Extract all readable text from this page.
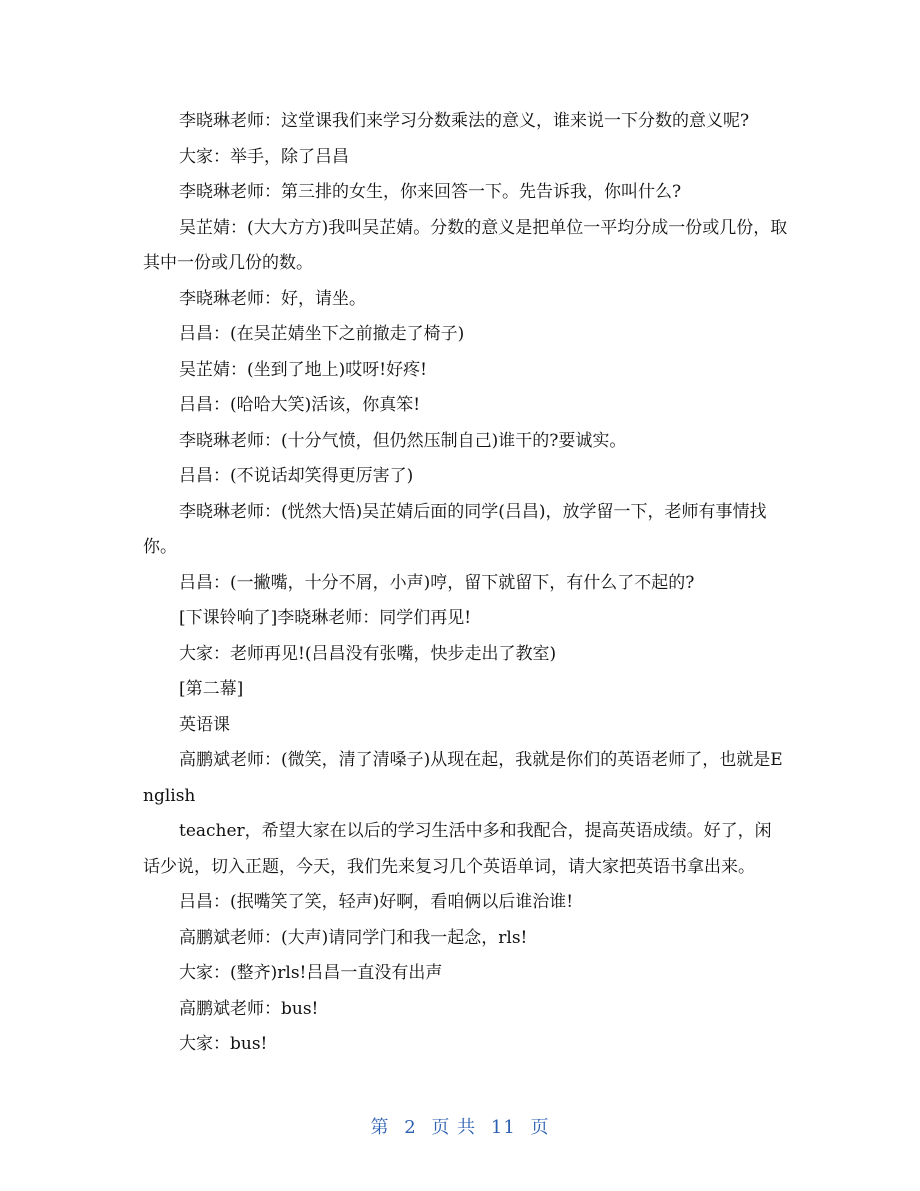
李晓琳老师：这堂课我们来学习分数乘法的意义，谁来说一下分数的意义呢?

大家：举手，除了吕昌

李晓琳老师：第三排的女生，你来回答一下。先告诉我，你叫什么?

吴芷婧：(大大方方)我叫吴芷婧。分数的意义是把单位一平均分成一份或几份，取其中一份或几份的数。

李晓琳老师：好，请坐。

吕昌：(在吴芷婧坐下之前撤走了椅子)

吴芷婧：(坐到了地上)哎呀!好疼!

吕昌：(哈哈大笑)活该，你真笨!

李晓琳老师：(十分气愤，但仍然压制自己)谁干的?要诚实。

吕昌：(不说话却笑得更厉害了)

李晓琳老师：(恍然大悟)吴芷婧后面的同学(吕昌)，放学留一下，老师有事情找你。

吕昌：(一撇嘴，十分不屑，小声)哼，留下就留下，有什么了不起的?

[下课铃响了]李晓琳老师：同学们再见!

大家：老师再见!(吕昌没有张嘴，快步走出了教室)

[第二幕]

英语课

高鹏斌老师：(微笑，清了清嗓子)从现在起，我就是你们的英语老师了，也就是English

teacher，希望大家在以后的学习生活中多和我配合，提高英语成绩。好了，闲话少说，切入正题，今天，我们先来复习几个英语单词，请大家把英语书拿出来。

吕昌：(抿嘴笑了笑，轻声)好啊，看咱俩以后谁治谁!

高鹏斌老师：(大声)请同学门和我一起念，rls!

大家：(整齐)rls!吕昌一直没有出声

高鹏斌老师：bus!

大家：bus!

第 2 页 共 11 页
